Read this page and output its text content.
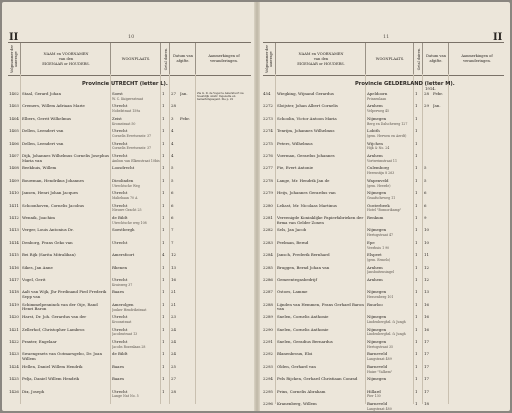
II	10
Volgnummer der aanvrage	NAAM en VOORNAMEN
van den
EIGENAAR or HOUDERS.
WOONPLAATS.	Getal duiven. Datum van
afgifte.
Aanmerkingen of
veranderingen.
Provincie UTRECHT (letter L).
1402 Staal, Gerard Johan	Soest
W. C. Kuipersstraat
1	27	Jan.	Zie G. D. de Vogel te Amersfoort na Soestdijk omstr. Ingezette en bemerkingsagent. Zie p. 22
1403 Cremers, Willem Adriaan Marie	Utrecht
Nobelstraat 159a
1	28
1404 Elbers, Gerrit Wilhelmus	Zeist
Kromstraat 50
1	3	Febr.
1405 Dellen, Leendert van	Utrecht
Cornelis Evertsenstr. 37
1	4
1406 Dellen, Leendert van	Utrecht
Cornelis Evertsenstr. 37
1	4
1407 Dijk, Johannes Wilhelmus Cornelis Josephus Maria van
Utrecht
Ambon van Elkenstraat 10bis
1	4
1408 Beekhuis, Willem	Loosdrecht	1	5
1409 Bouwman, Hendrikus Johannes	Dieolinden
Utrechtsche Weg
1	5
1410 Jansen, Henri Johan Jacques	Utrecht
Maliebaan 70 A
1	6
1411 Schoonhoven, Cornelis Jacobus	Utrecht
Nieuwe Gracht 25
1	6
1412 Wennik, Joachim	de Bildt
Utrechtsche weg 108
1	6
1413 Verger, Louis Antonius Dr.	Soestbergh	1	7
1414 Denborg, Frans Geko van	Utrecht	1	7
1415 Bei Rijk (Sarita Mitraliban)	Amersfoort	4	12
1416 Sikes, Jan Anne	Rhenen	1	13
1417 Vogel, Gerit	Utrecht
Kruisweg 37
1	16
1418 Aalt van Wijk, Jhr Ferdinand Pied Frederik Sepp van
Baarn	1	21
1419 Schimmelpenninck van der Oije, Rand Henri Baron
Amerolgen
Jonker Hendrikstraat
1	21
1420 Harst, Dr. Joh. Gerardus van der	Utrecht
Kroonstraat
1	23
1421 Zellerhof, Christopher Lambros	Utrecht
Jacobsstraat 13
1	24
1422 Praxter, Engelaar	Utrecht
Jacobs Rozenlaan 28
1	24
1423 Swaengraets van Ootmarsgebo, Dr. Joan Willem
de Bildt	1	24
1424 Hellen, Daniel Willem Hendrik	Baarn	1	25
1425 Pelja, Daniel Willem Hendrik	Baarn	1	27
1426 Dix, Joseph	Utrecht
Lange Nat No. 5
1	28
II
11
Volgnummer der aanvrage	NAAM en VOORNAMEN
van den
EIGENAAR or HOUDERS.
WOONPLAATS.	Getal duiven. Datum van
afgifte.
Aanmerkingen of
veranderingen.
Provincie GELDERLAND (letter M).
1914.
454	Wiegking, Wijnand Gerardus	Apeldoorn
Prinsenlaan
1	28	Febr.
2272	Sloijster, Johan Albert Cornelis	Arnhem
Velperweg 45
1	29	Jan.
2273	Schoolin, Victor Antoon Maria	Nijmegen
Berg en Dalscheweg 127
1
2274	Tenrijm, Johannes Wilhelmus	Lobith
(gem. Herwen en Aerdt)
1
2275	Peters, Wilhelmus	Wijchen
Hijk & No. 24
1
2276	Voerman, Gerardus Johannes	Arnhem
Vortweimstraat 11
1
2277	Fie, Evert Antonie	Culemborg
Herenstijn 8 263
1	5
2278	Lange, Mr. Hendrik Jan de	Wapenveld
(gem. Heerde)
1	5
2279	Heijs, Johannes Gerardus van	Nijmegen
Graafscheweg 11
1	6
2280	Leliast, Mr. Nicolaas Martinus	Oosterbeek
Hotel "Bosnorikamp"
1	6
2281	Vereenigde Koninklijke Papierfabrieken der firma van Gelder Zonen
Renkum	1	9
2282	Sels, Jan Jacob	Nijmegen
Hertogstraat 47
1	10
2283	Peelman, Bernd	Epe
Veerhuis 1 90
1	10
2284	Jansch, Frederik Bernhard	Elspeet
(gem. Ermelo)
1	11
2285	Bruggen, Bernd Johan van	Arnhem
Jansbuitensingel
1	12
2286	Gemeentegasbedrijf	Arnhem	1	12
2287	Ostoes, Lamme	Nijmegen
Hessenberg 101
1	13
2288	Lijnden van Hemmen, Frans Gerhard Baron van
Ruurloo	1	16
2289	Snelen, Cornelis Anthonie	Nijmegen
Lindenberghsl. & Jungh
1	16
2290	Snelen, Cornelis Anthonie	Nijmegen
Lindenberghsl. & Jungh
1	16
2291	Snelen, Geradius Bernardus	Nijmegen
Hertogstraat 35
1	17
2292	Blanenbroux, Eloi	Barneveld
Langstraat 489
1	17
2293	Olden, Gerhard van	Barneveld
Huize "Valkem"
1	17
2294	Pels Rijcken, Gerhard Christiaan Conrad	Nijmegen	1	17
2295	Prins, Cornelis Abraham	Hillard
Pier 130
1	17
2296	Kranenberg, Willem	Barneveld
Langstraat 480
1	18
